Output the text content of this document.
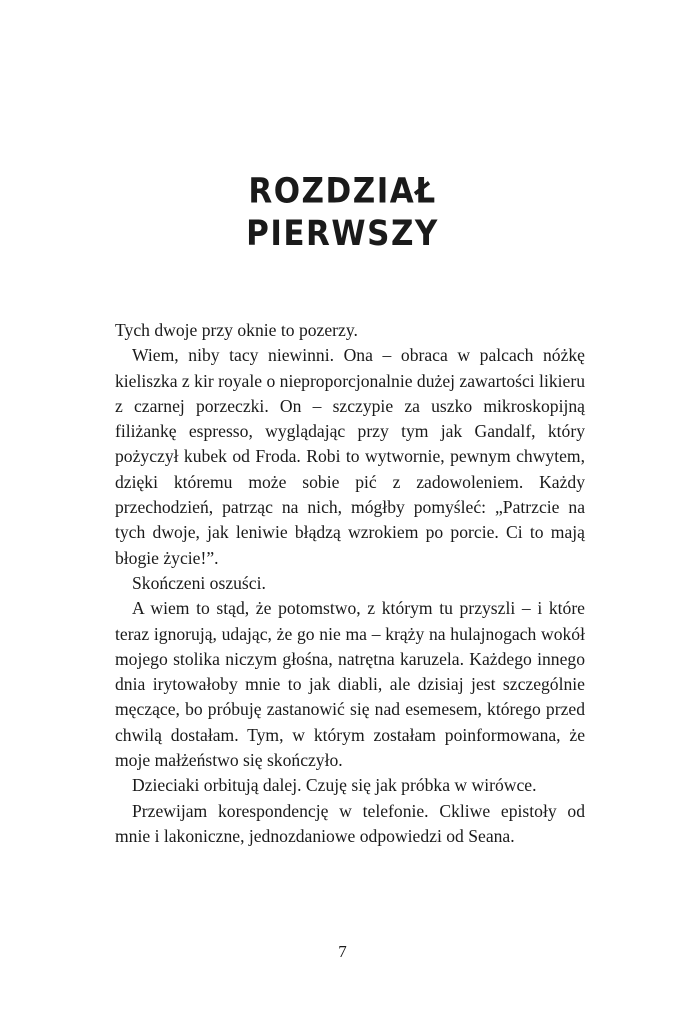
ROZDZIAŁ
PIERWSZY

Tych dwoje przy oknie to pozerzy.

Wiem, niby tacy niewinni. Ona – obraca w palcach nóżkę kieliszka z kir royale o nieproporcjonalnie dużej zawartości likieru z czarnej porzeczki. On – szczypie za uszko mikroskopijną filiżankę espresso, wyglądając przy tym jak Gandalf, który pożyczył kubek od Froda. Robi to wytwornie, pewnym chwytem, dzięki któremu może sobie pić z zadowoleniem. Każdy przechodzień, patrząc na nich, mógłby pomyśleć: „Patrzcie na tych dwoje, jak leniwie błądzą wzrokiem po porcie. Ci to mają błogie życie!”.

Skończeni oszuści.

A wiem to stąd, że potomstwo, z którym tu przyszli – i które teraz ignorują, udając, że go nie ma – krąży na hulajnogach wokół mojego stolika niczym głośna, natrętna karuzela. Każdego innego dnia irytowałoby mnie to jak diabli, ale dzisiaj jest szczególnie męczące, bo próbuję zastanowić się nad esemesem, którego przed chwilą dostałam. Tym, w którym zostałam poinformowana, że moje małżeństwo się skończyło.

Dzieciaki orbitują dalej. Czuję się jak próbka w wirówce.

Przewijam korespondencję w telefonie. Ckliwe epistoły od mnie i lakoniczne, jednozdaniowe odpowiedzi od Seana.

7
